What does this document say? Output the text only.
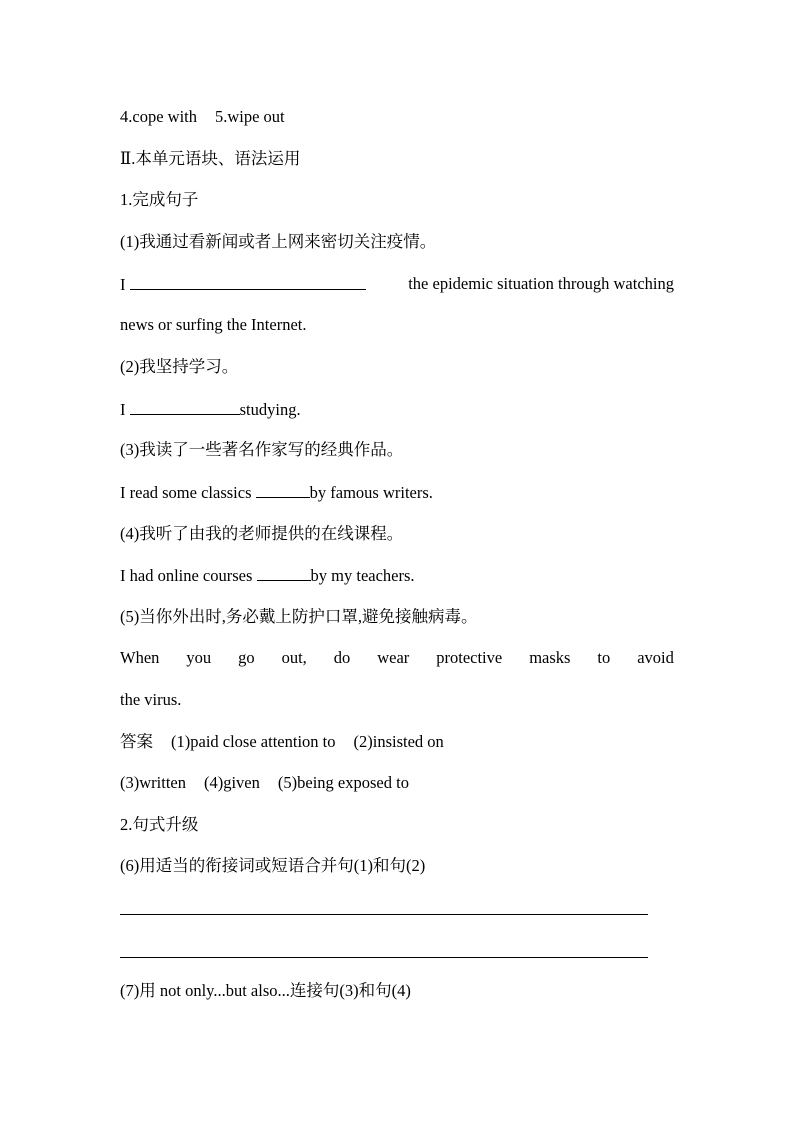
4.cope with 5.wipe out
Ⅱ.本单元语块、语法运用
1.完成句子
(1)我通过看新闻或者上网来密切关注疫情。
I	the epidemic situation through watching
news or surfing the Internet.
(2)我坚持学习。
I	studying.
(3)我读了一些著名作家写的经典作品。
I read some classics	by famous writers.
(4)我听了由我的老师提供的在线课程。
I had online courses	by my teachers.
(5)当你外出时,务必戴上防护口罩,避免接触病毒。
When you go out, do wear protective masks to avoid
the virus.
答案 (1)paid close attention to (2)insisted on
(3)written (4)given (5)being exposed to
2.句式升级
(6)用适当的衔接词或短语合并句(1)和句(2)
(7)用 not only...but also...连接句(3)和句(4)
